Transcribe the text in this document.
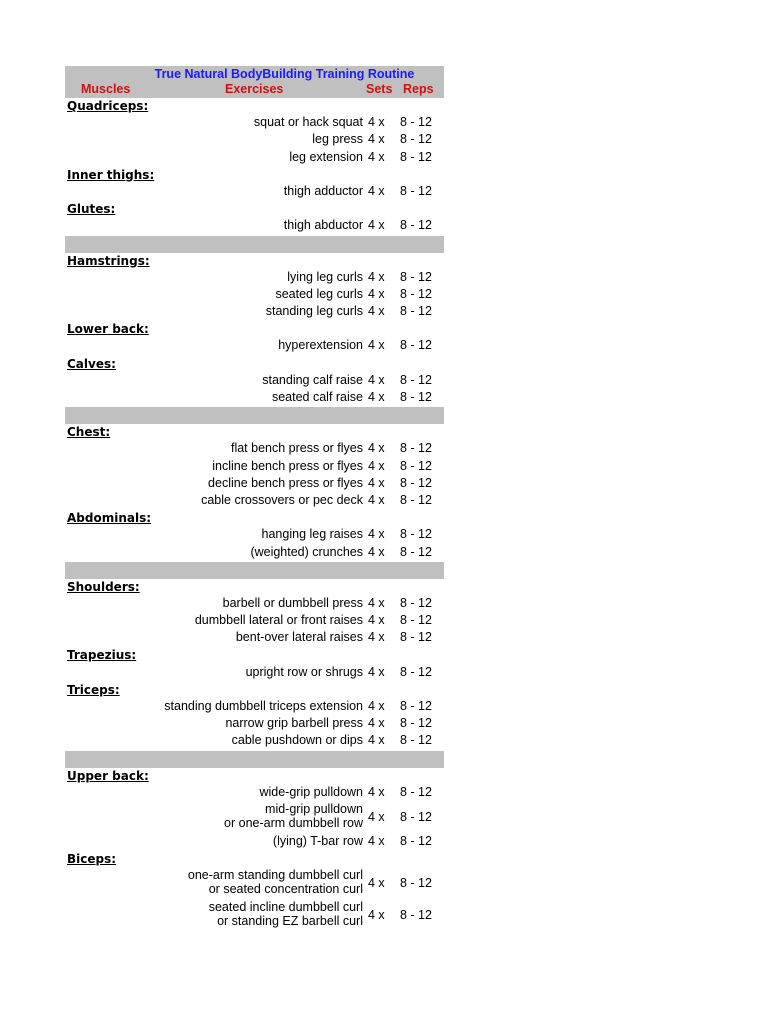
True Natural BodyBuilding Training Routine
Muscles	Exercises	Sets Reps
Quadriceps:
squat or hack squat 4 x 8 - 12
leg press 4 x 8 - 12
leg extension 4 x 8 - 12
Inner thighs:
thigh adductor 4 x 8 - 12
Glutes:
thigh abductor 4 x 8 - 12
Hamstrings:
lying leg curls 4 x 8 - 12
seated leg curls 4 x 8 - 12
standing leg curls 4 x 8 - 12
Lower back:
hyperextension 4 x 8 - 12
Calves:
standing calf raise 4 x 8 - 12
seated calf raise 4 x 8 - 12
Chest:
flat bench press or flyes 4 x 8 - 12
incline bench press or flyes 4 x 8 - 12
decline bench press or flyes 4 x 8 - 12
cable crossovers or pec deck 4 x 8 - 12
Abdominals:
hanging leg raises 4 x 8 - 12
(weighted) crunches 4 x 8 - 12
Shoulders:
barbell or dumbbell press 4 x 8 - 12
dumbbell lateral or front raises 4 x 8 - 12
bent-over lateral raises 4 x 8 - 12
Trapezius:
upright row or shrugs 4 x 8 - 12
Triceps:
standing dumbbell triceps extension 4 x 8 - 12
narrow grip barbell press 4 x 8 - 12
cable pushdown or dips 4 x 8 - 12
Upper back:
wide-grip pulldown 4 x 8 - 12
mid-grip pulldown
or one-arm dumbbell row 4 x 8 - 12
(lying) T-bar row 4 x 8 - 12
Biceps:
one-arm standing dumbbell curl
or seated concentration curl 4 x 8 - 12
seated incline dumbbell curl
or standing EZ barbell curl 4 x 8 - 12
